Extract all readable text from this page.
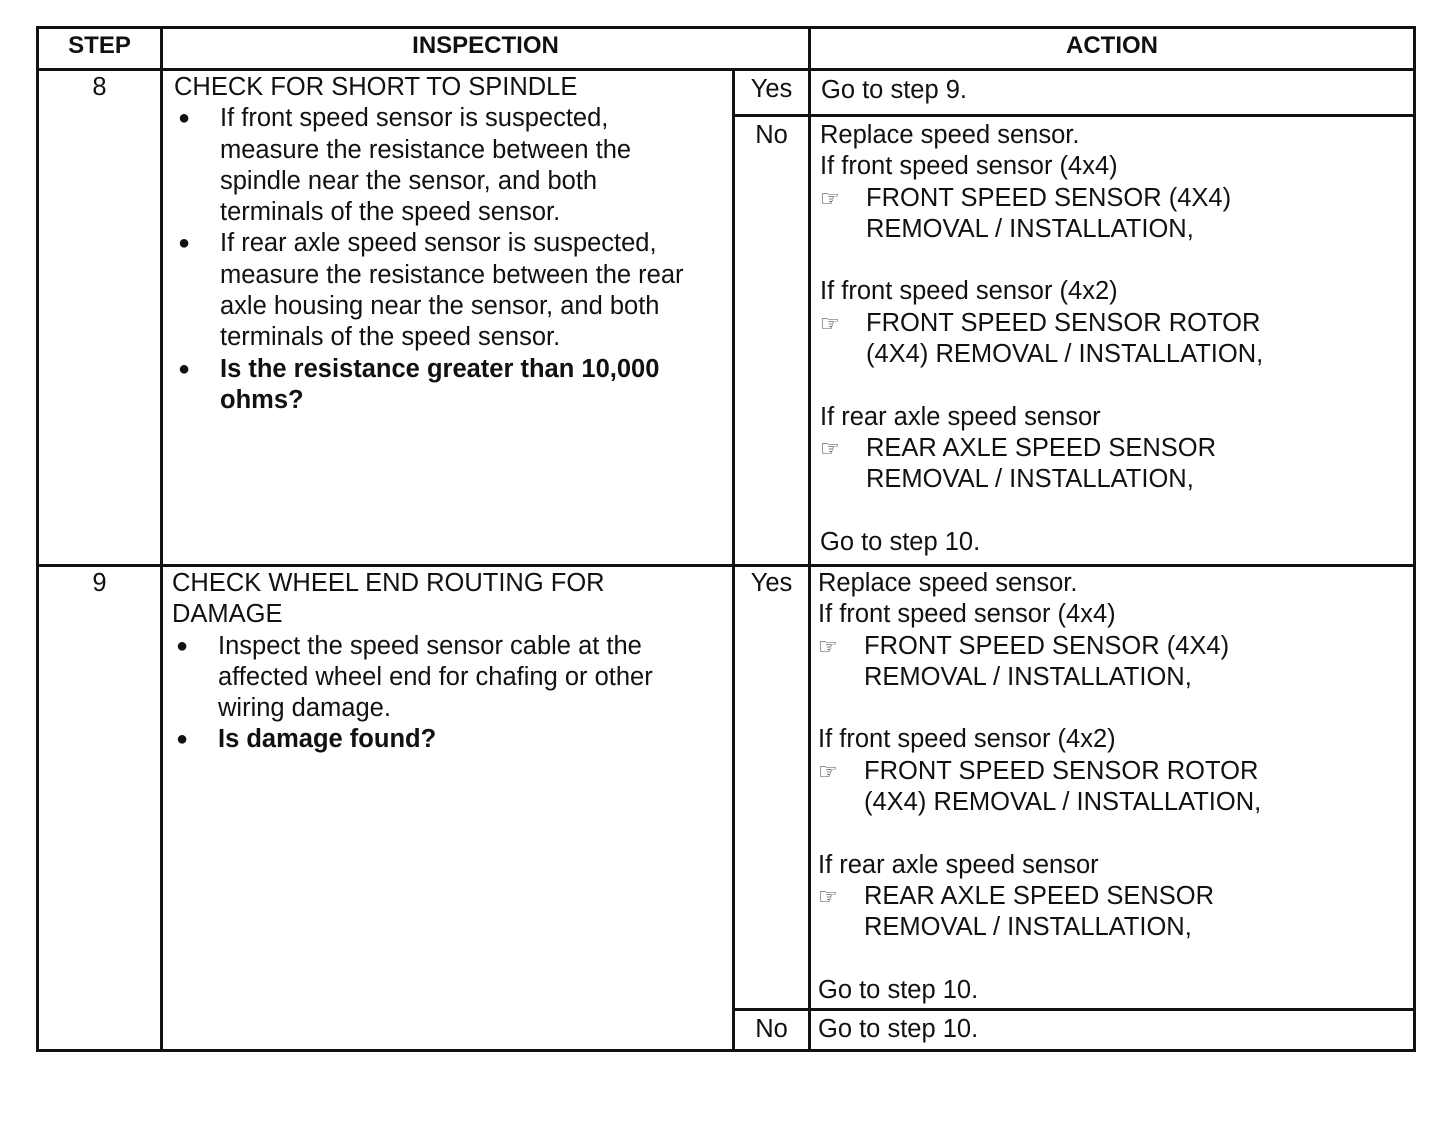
STEP	INSPECTION	ACTION
8	CHECK FOR SHORT TO SPINDLE
● If front speed sensor is suspected,
measure the resistance between the
spindle near the sensor, and both
terminals of the speed sensor.
● If rear axle speed sensor is suspected,
measure the resistance between the rear
axle housing near the sensor, and both
terminals of the speed sensor.
● Is the resistance greater than 10,000
ohms?
Yes	Go to step 9.
No	Replace speed sensor.
If front speed sensor (4x4)
☞ FRONT SPEED SENSOR (4X4)
REMOVAL / INSTALLATION,
If front speed sensor (4x2)
☞ FRONT SPEED SENSOR ROTOR
(4X4) REMOVAL / INSTALLATION,
If rear axle speed sensor
☞ REAR AXLE SPEED SENSOR
REMOVAL / INSTALLATION,
Go to step 10.
9	CHECK WHEEL END ROUTING FOR
DAMAGE
● Inspect the speed sensor cable at the
affected wheel end for chafing or other
wiring damage.
● Is damage found?
Yes	Replace speed sensor.
If front speed sensor (4x4)
☞ FRONT SPEED SENSOR (4X4)
REMOVAL / INSTALLATION,
If front speed sensor (4x2)
☞ FRONT SPEED SENSOR ROTOR
(4X4) REMOVAL / INSTALLATION,
If rear axle speed sensor
☞ REAR AXLE SPEED SENSOR
REMOVAL / INSTALLATION,
Go to step 10.
No	Go to step 10.
